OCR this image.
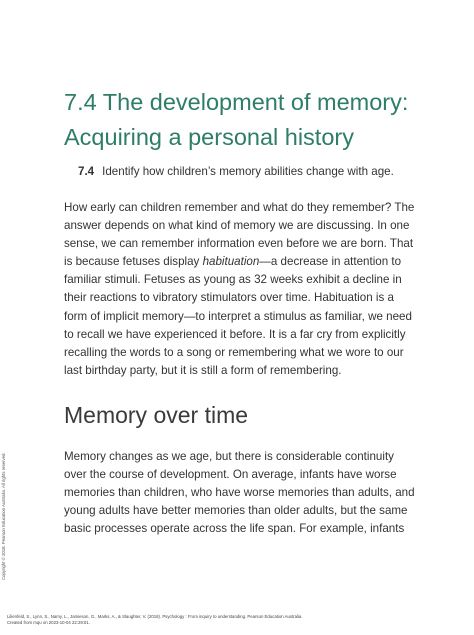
7.4 The development of memory:
Acquiring a personal history
7.4 Identify how children’s memory abilities change with age.

How early can children remember and what do they remember? The
answer depends on what kind of memory we are discussing. In one
sense, we can remember information even before we are born. That
is because fetuses display habituation—a decrease in attention to
familiar stimuli. Fetuses as young as 32 weeks exhibit a decline in
their reactions to vibratory stimulators over time. Habituation is a
form of implicit memory—to interpret a stimulus as familiar, we need
to recall we have experienced it before. It is a far cry from explicitly
recalling the words to a song or remembering what we wore to our
last birthday party, but it is still a form of remembering.

Memory over time

Memory changes as we age, but there is considerable continuity
over the course of development. On average, infants have worse
memories than children, who have worse memories than adults, and
young adults have better memories than older adults, but the same
basic processes operate across the life span. For example, infants

Copyright © 2018. Pearson Education Australia. All rights reserved.
Lilienfeld, S., Lynn, S., Namy, L., Jamieson, G., Marks, A., & Slaughter, V. (2018). Psychology : From inquiry to understanding. Pearson Education Australia.
Created from mqu on 2023-10-04 22:29:01.
